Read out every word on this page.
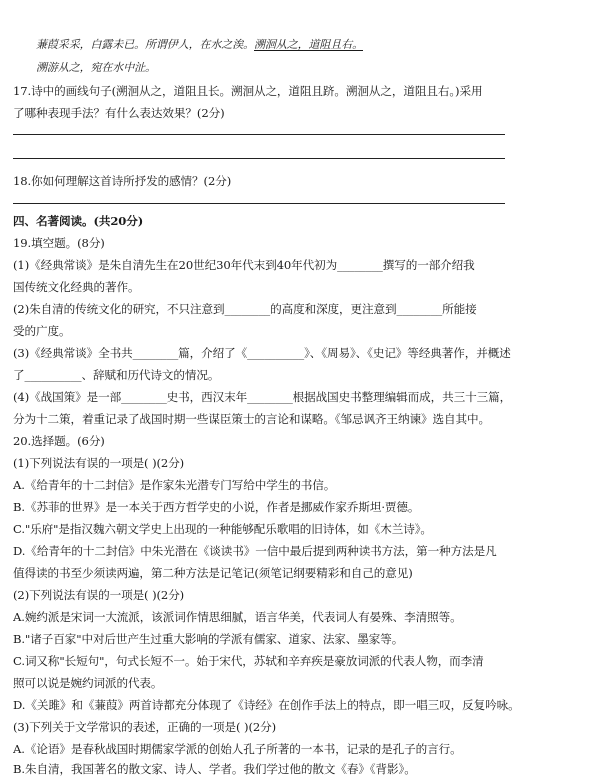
蒹葭采采，白露未已。所谓伊人，在水之涘。溯洄从之，道阻且右。
溯游从之，宛在水中沚。
17.诗中的画线句子(溯洄从之，道阻且长。溯洄从之，道阻且跻。溯洄从之，道阻且右。)采用
了哪种表现手法？有什么表达效果？(2分)
18.你如何理解这首诗所抒发的感情？(2分)
四、名著阅读。(共20分)
19.填空题。(8分)
(1)《经典常谈》是朱自清先生在20世纪30年代末到40年代初为________撰写的一部介绍我
国传统文化经典的著作。
(2)朱自清的传统文化的研究，不只注意到________的高度和深度，更注意到________所能接
受的广度。
(3)《经典常谈》全书共________篇，介绍了《__________》、《周易》、《史记》等经典著作，并概述
了__________、辞赋和历代诗文的情况。
(4)《战国策》是一部________史书，西汉末年________根据战国史书整理编辑而成，共三十三篇，
分为十二策，着重记录了战国时期一些谋臣策士的言论和谋略。《邹忌讽齐王纳谏》选自其中。
20.选择题。(6分)
(1)下列说法有误的一项是( )(2分)
A.《给青年的十二封信》是作家朱光潜专门写给中学生的书信。
B.《苏菲的世界》是一本关于西方哲学史的小说，作者是挪威作家乔斯坦·贾德。
C."乐府"是指汉魏六朝文学史上出现的一种能够配乐歌唱的旧诗体，如《木兰诗》。
D.《给青年的十二封信》中朱光潜在《谈读书》一信中最后提到两种读书方法，第一种方法是凡
值得读的书至少须读两遍，第二种方法是记笔记(须笔记纲要精彩和自己的意见)
(2)下列说法有误的一项是( )(2分)
A.婉约派是宋词一大流派，该派词作情思细腻，语言华美，代表词人有晏殊、李清照等。
B."诸子百家"中对后世产生过重大影响的学派有儒家、道家、法家、墨家等。
C.词又称"长短句"，句式长短不一。始于宋代，苏轼和辛弃疾是豪放词派的代表人物，而李清
照可以说是婉约词派的代表。
D.《关雎》和《蒹葭》两首诗都充分体现了《诗经》在创作手法上的特点，即一唱三叹，反复吟咏。
(3)下列关于文学常识的表述，正确的一项是( )(2分)
A.《论语》是春秋战国时期儒家学派的创始人孔子所著的一本书，记录的是孔子的言行。
B.朱自清，我国著名的散文家、诗人、学者。我们学过他的散文《春》《背影》。
